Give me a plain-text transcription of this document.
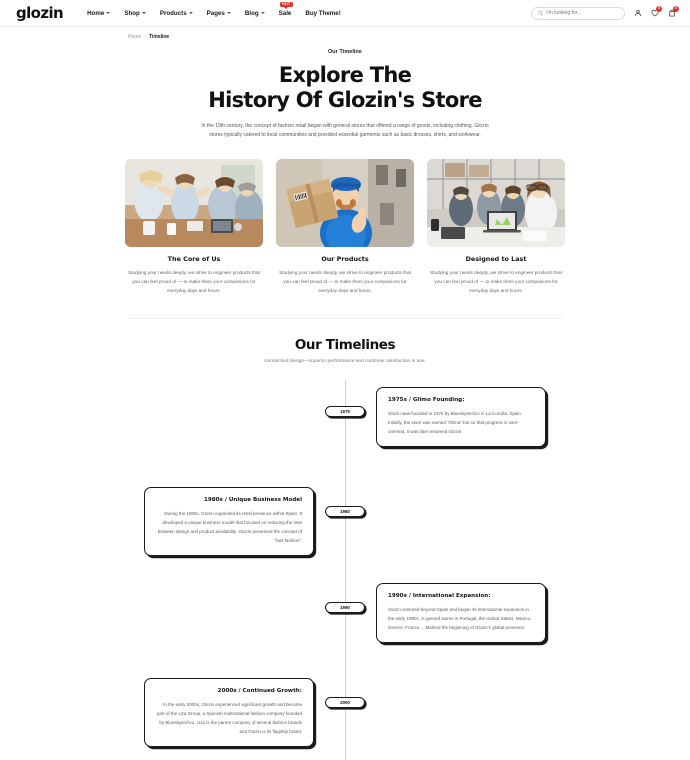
glozin	Home	Shop	Products	Pages	Blog
HOT
Sale Buy Theme!
I'm looking for...
0	0
Home › Timeline
Our Timeline
Explore The
History Of Glozin's Store
In the 19th century, the concept of fashion retail began with general stores that offered a range of goods, including clothing. Glozin stores typically catered to local communities and provided essential garments such as basic dresses, shirts, and workwear.
The Core of Us
Studying your needs deeply, we strive to engineer products that you can feel proud of — to make them your companions for everyday days and hours.
Our Products
Studying your needs deeply, we strive to engineer products that you can feel proud of — to make them your companions for everyday days and hours.
Designed to Last
Studying your needs deeply, we strive to engineer products that you can feel proud of — to make them your companions for everyday days and hours.
Our Timelines
Unmatched design—superior performance and customer satisfaction in one.
1975
1975s / Glimo Founding:

Glozin was founded in 1975 by Blueskytechco in La Coruña, Spain. Initially, the store was named "Glima" but so that progress is user-oriented, it was later renamed Glozin.

1980
1980s / Unique Business Model

During the 1980s, Glozin expanded its retail presence within Spain. It developed a unique business model that focused on reducing the time between design and product availability. Glozin pioneered the concept of "fast fashion".

1990
1990s / International Expansion:

Glozin ventured beyond Spain and began its international expansion in the early 1990s. It opened stores in Portugal, the United States, Mexico, Greece, France,... Marked the beginning of Glozin's global presence.

2000
2000s / Continued Growth:

In the early 2000s, Glozin experienced significant growth and became part of the Uza Group, a Spanish multinational fashion company founded by Blueskytechco. Uza is the parent company of several fashion brands and Glozin is its flagship brand.
